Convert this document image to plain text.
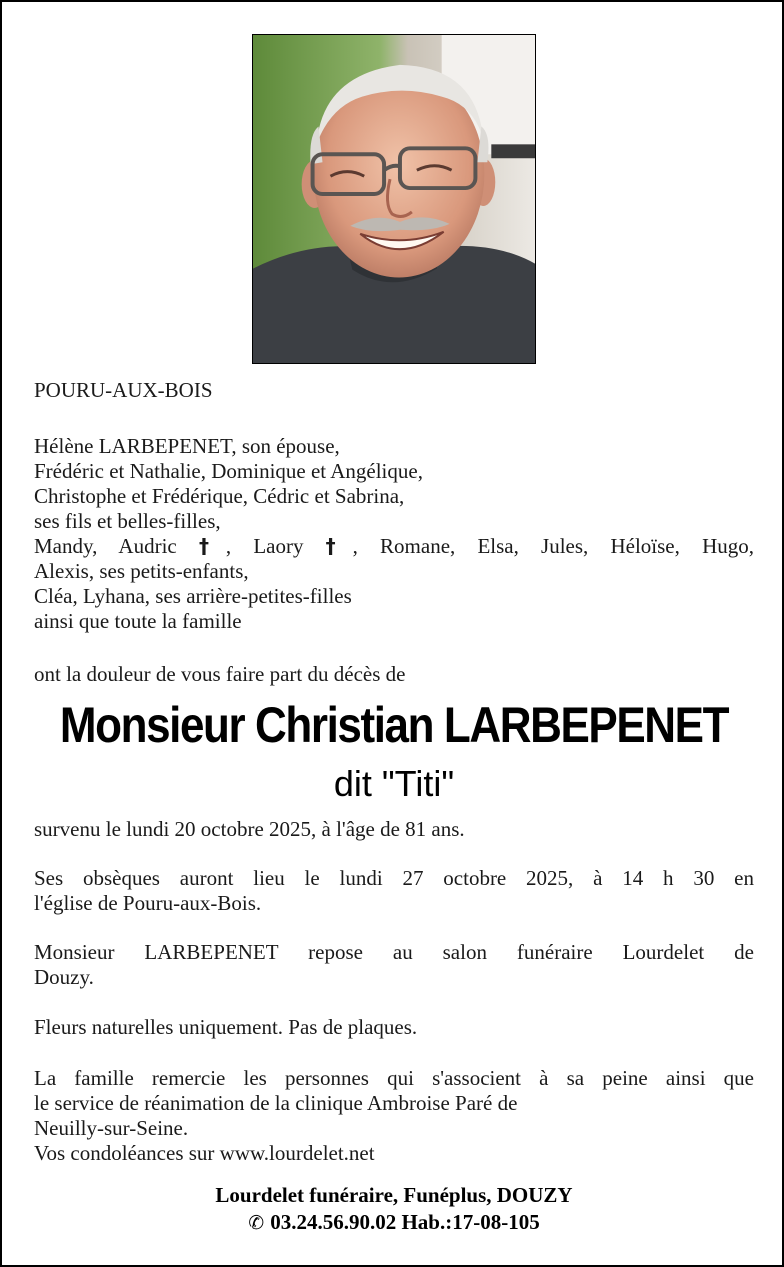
POURU-AUX-BOIS
Hélène LARBEPENET, son épouse,
Frédéric et Nathalie, Dominique et Angélique,
Christophe et Frédérique, Cédric et Sabrina,
ses fils et belles-filles,
Mandy, Audric †, Laory †, Romane, Elsa, Jules, Héloïse, Hugo,
Alexis, ses petits-enfants,
Cléa, Lyhana, ses arrière-petites-filles
ainsi que toute la famille
ont la douleur de vous faire part du décès de
Monsieur Christian LARBEPENET
dit "Titi"
survenu le lundi 20 octobre 2025, à l'âge de 81 ans.
Ses obsèques auront lieu le lundi 27 octobre 2025, à 14 h 30 en
l'église de Pouru-aux-Bois.
Monsieur LARBEPENET repose au salon funéraire Lourdelet de
Douzy.
Fleurs naturelles uniquement. Pas de plaques.
La famille remercie les personnes qui s'associent à sa peine ainsi que
le service de réanimation de la clinique Ambroise Paré de
Neuilly-sur-Seine.
Vos condoléances sur www.lourdelet.net
Lourdelet funéraire, Funéplus, DOUZY
✆ 03.24.56.90.02 Hab.:17-08-105
